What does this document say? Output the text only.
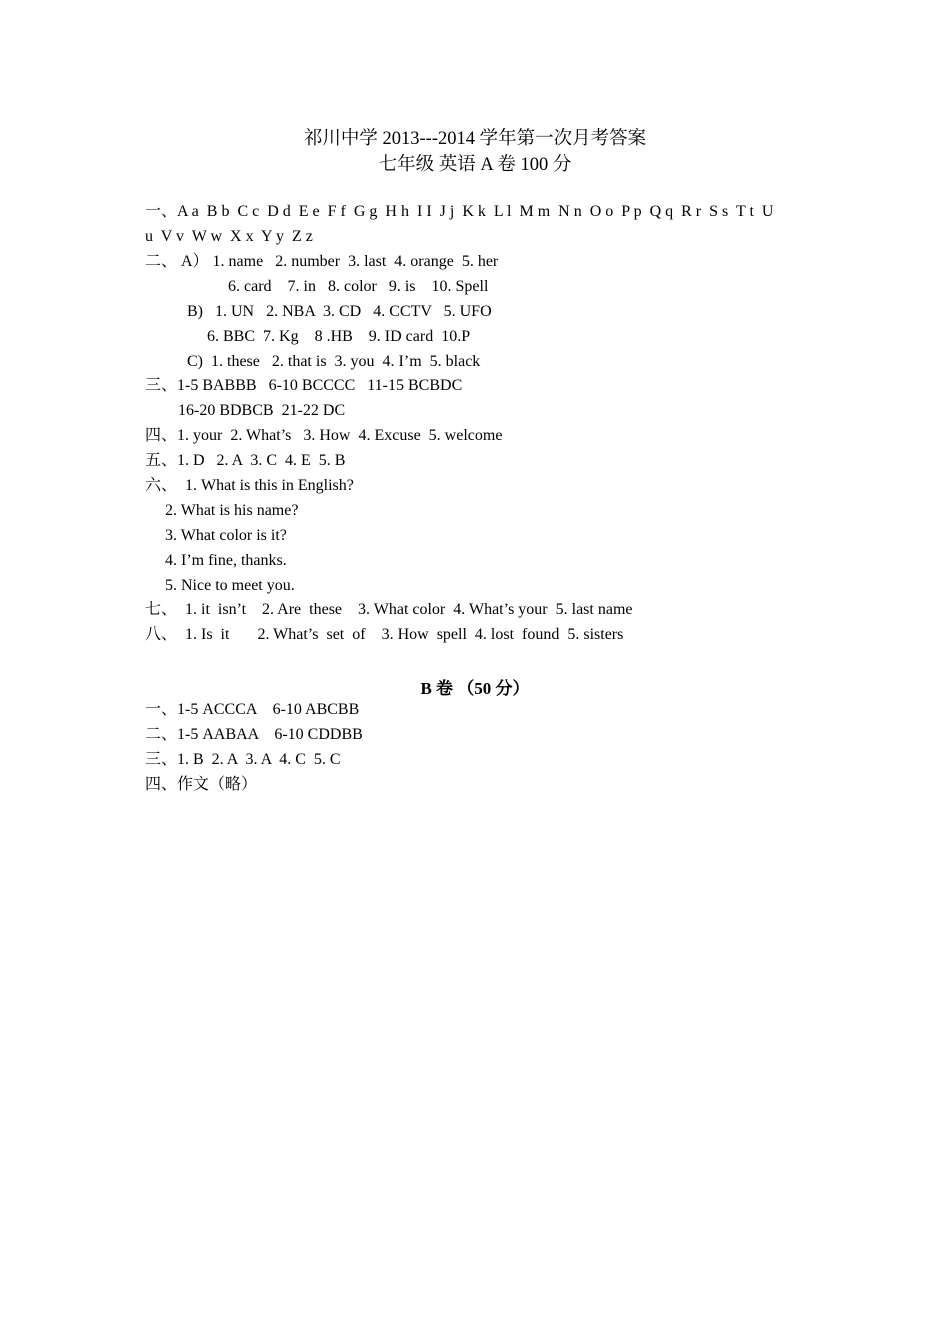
祁川中学 2013---2014 学年第一次月考答案
七年级 英语 A 卷 100 分
一、A a  B b  C c  D d  E e  F f  G g  H h  I I  J j  K k  L l  M m  N n  O o  P p  Q q  R r  S s  T t  U
u  V v  W w  X x  Y y  Z z
二、 A） 1. name   2. number  3. last  4. orange  5. her
6. card    7. in   8. color   9. is    10. Spell
B)   1. UN   2. NBA  3. CD   4. CCTV   5. UFO
6. BBC  7. Kg    8 .HB    9. ID card  10.P
C)  1. these   2. that is  3. you  4. I’m  5. black
三、1-5 BABBB   6-10 BCCCC   11-15 BCBDC
16-20 BDBCB  21-22 DC
四、1. your  2. What’s   3. How  4. Excuse  5. welcome
五、1. D   2. A  3. C  4. E  5. B
六、  1. What is this in English?
2. What is his name?
3. What color is it?
4. I’m fine, thanks.
5. Nice to meet you.
七、  1. it  isn’t    2. Are  these    3. What color  4. What’s your  5. last name
八、  1. Is  it       2. What’s  set  of    3. How  spell  4. lost  found  5. sisters
B 卷 （50 分）
一、1-5 ACCCA    6-10 ABCBB
二、1-5 AABAA    6-10 CDDBB
三、1. B  2. A  3. A  4. C  5. C
四、作文（略）
